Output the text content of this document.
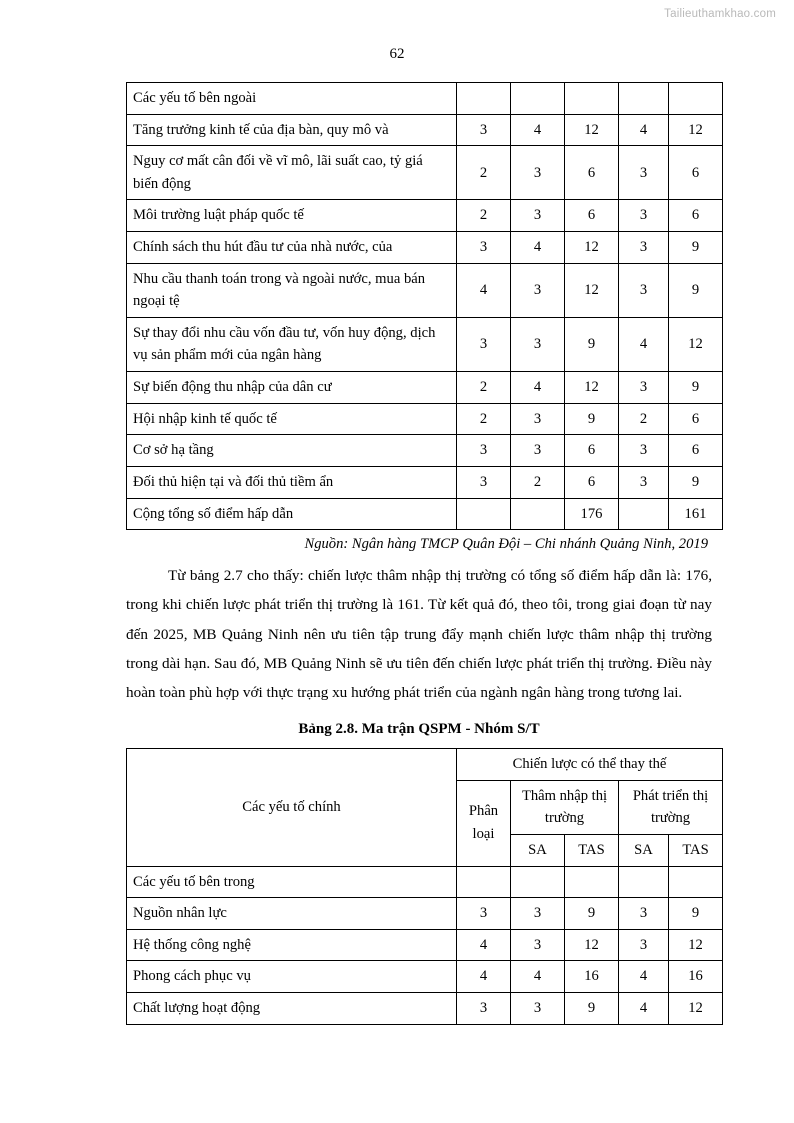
Tailieuthamkhao.com
62
Các yếu tố bên ngoài					
Tăng trưởng kinh tế của địa bàn, quy mô và	3	4	12	4	12
Nguy cơ mất cân đối về vĩ mô, lãi suất cao, tỷ giá biến động	2	3	6	3	6
Môi trường luật pháp quốc tế	2	3	6	3	6
Chính sách thu hút đầu tư của nhà nước, của	3	4	12	3	9
Nhu cầu thanh toán trong và ngoài nước, mua bán ngoại tệ	4	3	12	3	9
Sự thay đổi nhu cầu vốn đầu tư, vốn huy động, dịch vụ sản phẩm mới của ngân hàng	3	3	9	4	12
Sự biến động thu nhập của dân cư	2	4	12	3	9
Hội nhập kinh tế quốc tế	2	3	9	2	6
Cơ sở hạ tầng	3	3	6	3	6
Đối thủ hiện tại và đối thủ tiềm ẩn	3	2	6	3	9
Cộng tổng số điểm hấp dẫn			176		161
Nguồn: Ngân hàng TMCP Quân Đội – Chi nhánh Quảng Ninh, 2019
Từ bảng 2.7 cho thấy: chiến lược thâm nhập thị trường có tổng số điểm hấp dẫn là: 176, trong khi chiến lược phát triển thị trường là 161. Từ kết quả đó, theo tôi, trong giai đoạn từ nay đến 2025, MB Quảng Ninh nên ưu tiên tập trung đẩy mạnh chiến lược thâm nhập thị trường trong dài hạn. Sau đó, MB Quảng Ninh sẽ ưu tiên đến chiến lược phát triển thị trường. Điều này hoàn toàn phù hợp với thực trạng xu hướng phát triển của ngành ngân hàng trong tương lai.
Bảng 2.8. Ma trận QSPM - Nhóm S/T
Các yếu tố chính	Chiến lược có thể thay thế				
	Phân loại	Thâm nhập thị trường		Phát triển thị trường	
		SA	TAS	SA	TAS
Các yếu tố bên trong					
Nguồn nhân lực	3	3	9	3	9
Hệ thống công nghệ	4	3	12	3	12
Phong cách phục vụ	4	4	16	4	16
Chất lượng hoạt động	3	3	9	4	12
